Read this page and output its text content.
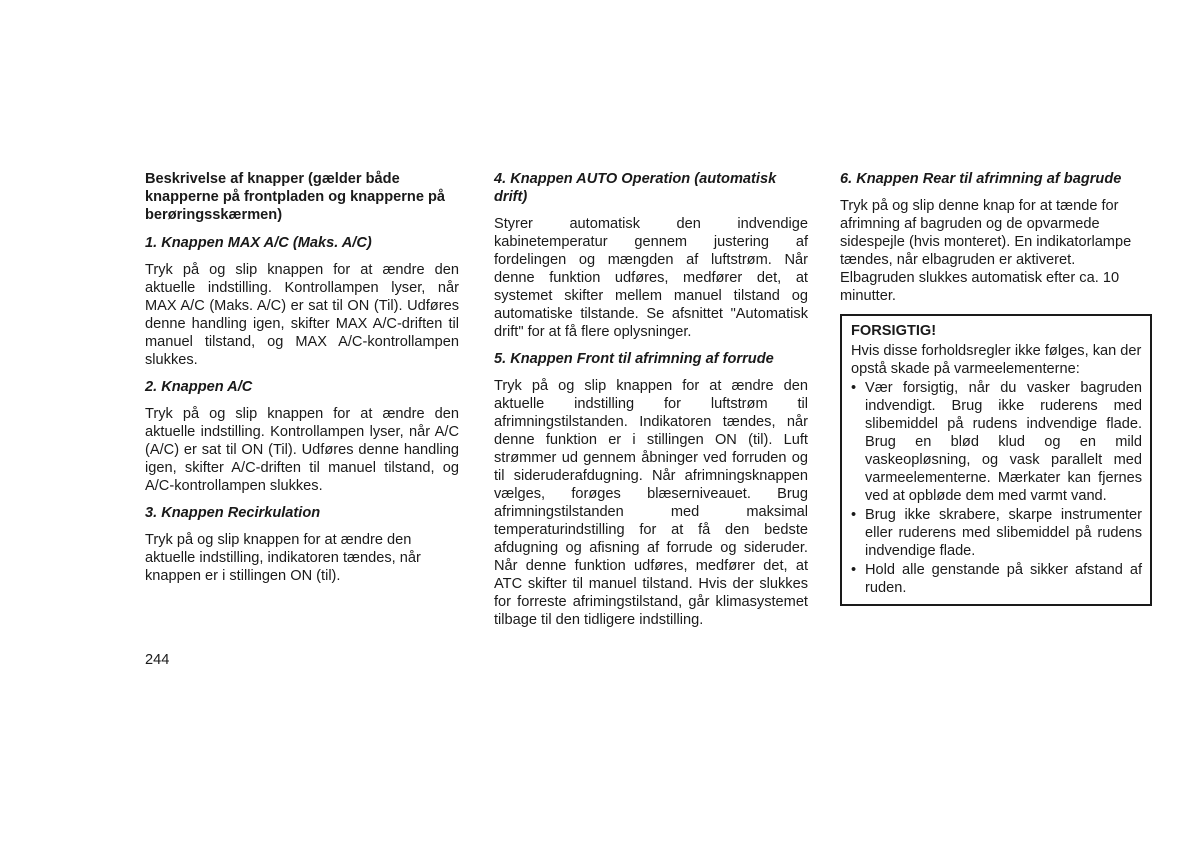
Beskrivelse af knapper (gælder både knapperne på frontpladen og knapperne på berøringsskærmen)
1. Knappen MAX A/C (Maks. A/C)

Tryk på og slip knappen for at ændre den aktuelle indstilling. Kontrollampen lyser, når MAX A/C (Maks. A/C) er sat til ON (Til). Udføres denne handling igen, skifter MAX A/C-driften til manuel tilstand, og MAX A/C-kontrollampen slukkes.

2. Knappen A/C

Tryk på og slip knappen for at ændre den aktuelle indstilling. Kontrollampen lyser, når A/C (A/C) er sat til ON (Til). Udføres denne handling igen, skifter A/C-driften til manuel tilstand, og A/C-kontrollampen slukkes.

3. Knappen Recirkulation

Tryk på og slip knappen for at ændre den aktuelle indstilling, indikatoren tændes, når knappen er i stillingen ON (til).

4. Knappen AUTO Operation (automatisk drift)

Styrer automatisk den indvendige kabinetemperatur gennem justering af fordelingen og mængden af luftstrøm. Når denne funktion udføres, medfører det, at systemet skifter mellem manuel tilstand og automatiske tilstande. Se afsnittet "Automatisk drift" for at få flere oplysninger.

5. Knappen Front til afrimning af forrude

Tryk på og slip knappen for at ændre den aktuelle indstilling for luftstrøm til afrimningstilstanden. Indikatoren tændes, når denne funktion er i stillingen ON (til). Luft strømmer ud gennem åbninger ved forruden og til sideruderafdugning. Når afrimningsknappen vælges, forøges blæserniveauet. Brug afrimningstilstanden med maksimal temperaturindstilling for at få den bedste afdugning og afisning af forrude og sideruder. Når denne funktion udføres, medfører det, at ATC skifter til manuel tilstand. Hvis der slukkes for forreste afrimingstilstand, går klimasystemet tilbage til den tidligere indstilling.

6. Knappen Rear til afrimning af bagrude

Tryk på og slip denne knap for at tænde for afrimning af bagruden og de opvarmede sidespejle (hvis monteret). En indikatorlampe tændes, når elbagruden er aktiveret. Elbagruden slukkes automatisk efter ca. 10 minutter.

FORSIGTIG!

Hvis disse forholdsregler ikke følges, kan der opstå skade på varmeelementerne:

• Vær forsigtig, når du vasker bagruden indvendigt. Brug ikke ruderens med slibemiddel på rudens indvendige flade. Brug en blød klud og en mild vaskeopløsning, og vask parallelt med varmeelementerne. Mærkater kan fjernes ved at opbløde dem med varmt vand.
• Brug ikke skrabere, skarpe instrumenter eller ruderens med slibemiddel på rudens indvendige flade.
• Hold alle genstande på sikker afstand af ruden.
244
